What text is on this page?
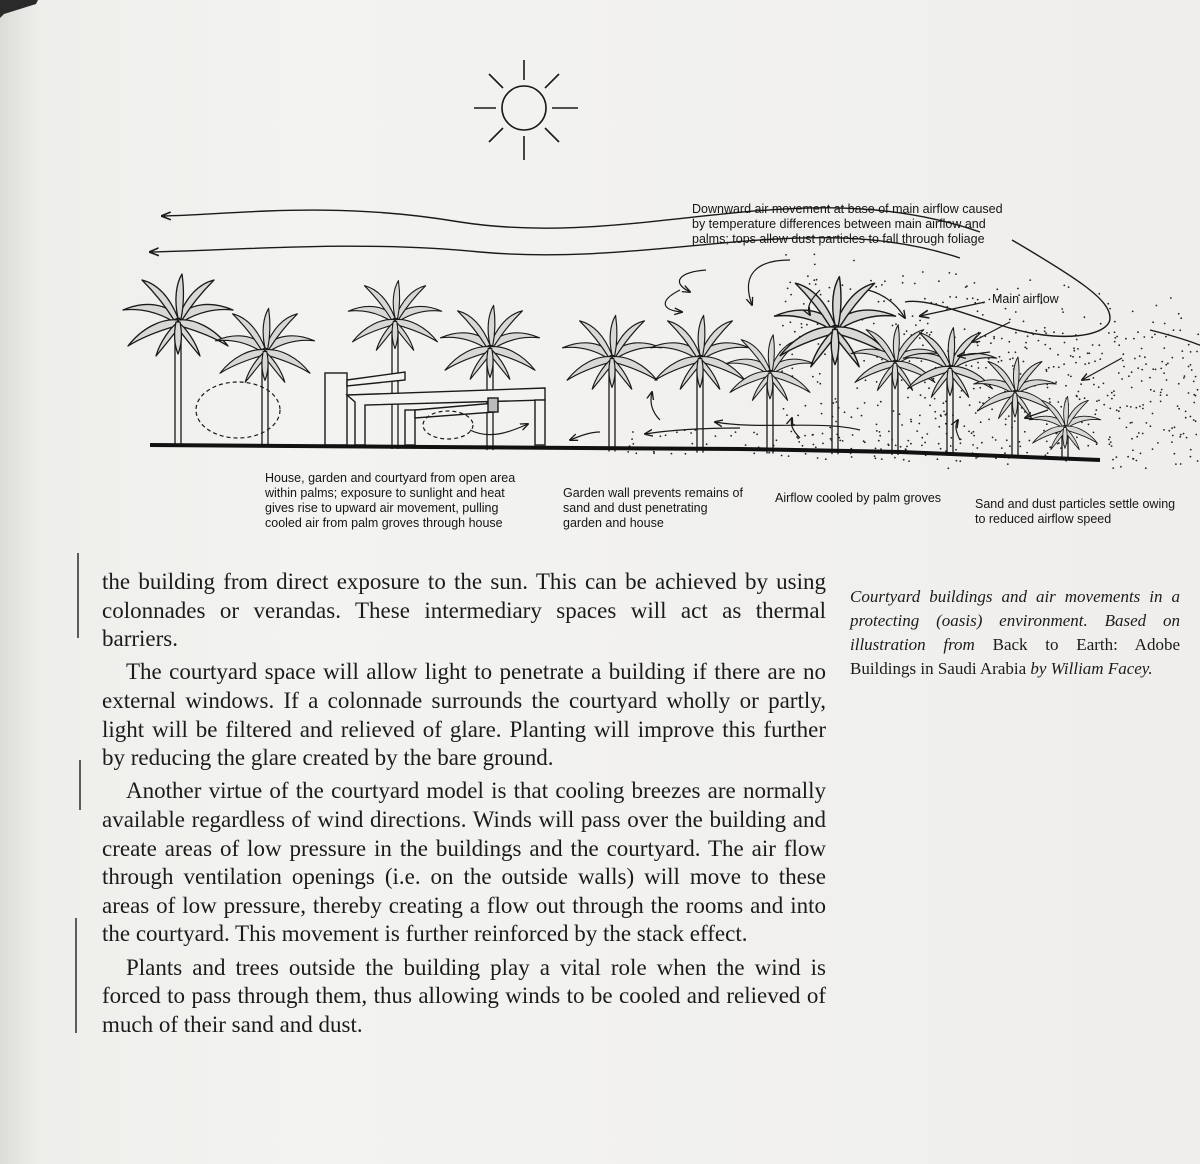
Downward air movement at base of main airflow caused
by temperature differences between main airflow and
palms; tops allow dust particles to fall through foliage

Main airflow

House, garden and courtyard from open area
within palms; exposure to sunlight and heat
gives rise to upward air movement, pulling
cooled air from palm groves through house

Garden wall prevents remains of
sand and dust penetrating
garden and house

Airflow cooled by palm groves	Sand and dust particles settle owing
to reduced airflow speed

the building from direct exposure to the sun. This can be achieved by using colonnades or verandas. These intermediary spaces will act as thermal barriers.

The courtyard space will allow light to penetrate a building if there are no external windows. If a colonnade surrounds the courtyard wholly or partly, light will be filtered and relieved of glare. Planting will improve this further by reducing the glare created by the bare ground.

Another virtue of the courtyard model is that cooling breezes are normally available regardless of wind directions. Winds will pass over the building and create areas of low pressure in the buildings and the courtyard. The air flow through ventilation openings (i.e. on the outside walls) will move to these areas of low pressure, thereby creating a flow out through the rooms and into the courtyard. This movement is further reinforced by the stack effect.

Plants and trees outside the building play a vital role when the wind is forced to pass through them, thus allowing winds to be cooled and relieved of much of their sand and dust.

Courtyard buildings and air movements in a protecting (oasis) environment. Based on illustration from Back to Earth: Adobe Buildings in Saudi Arabia by William Facey.
